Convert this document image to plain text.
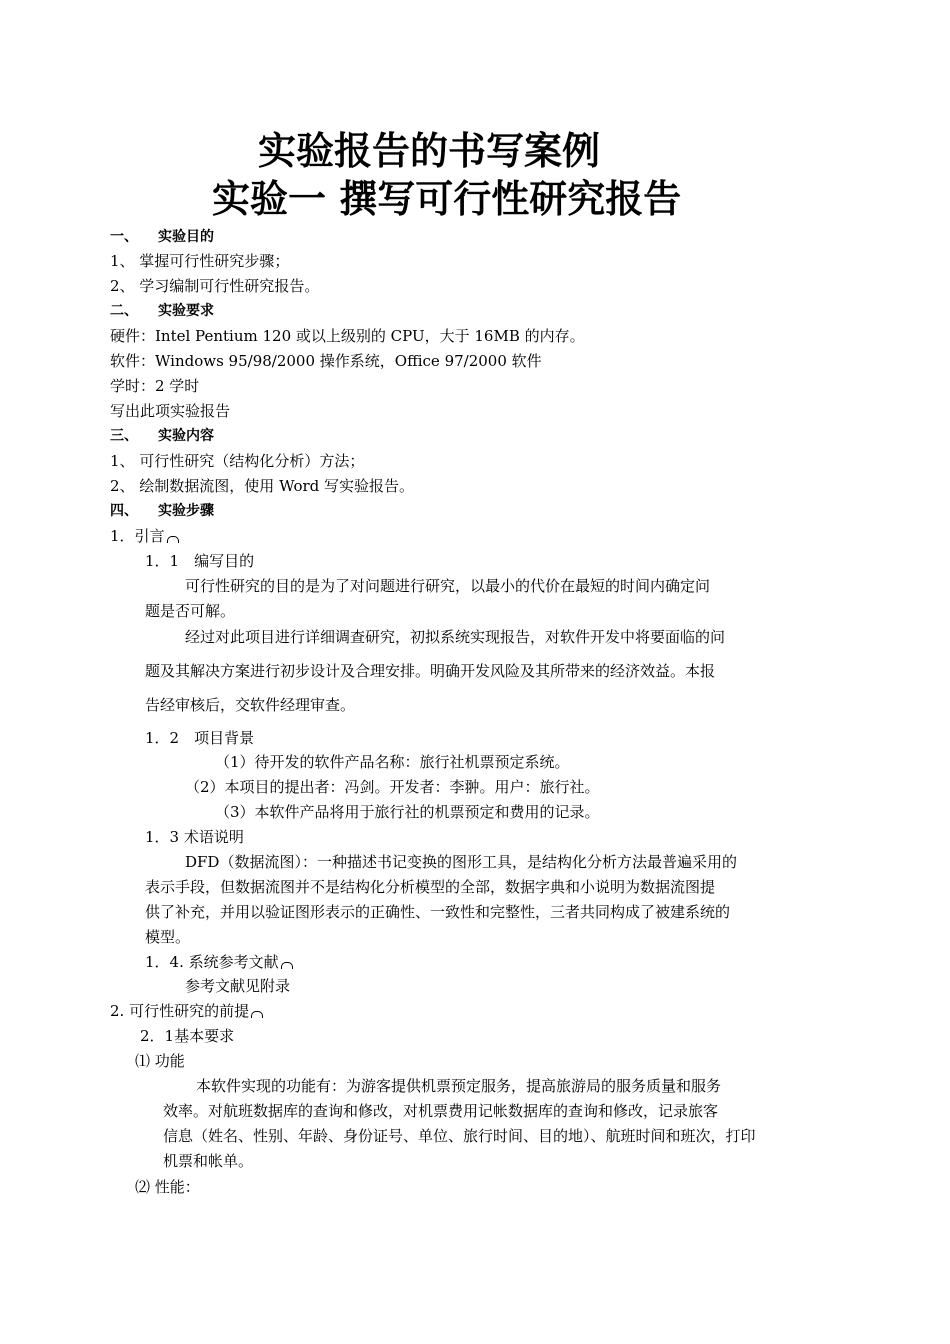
实验报告的书写案例
实验一 撰写可行性研究报告
一、 实验目的
1、 掌握可行性研究步骤；
2、 学习编制可行性研究报告。
二、 实验要求
硬件：Intel Pentium 120 或以上级别的 CPU，大于 16MB 的内存。
软件：Windows 95/98/2000 操作系统，Office 97/2000 软件
学时：2 学时
写出此项实验报告
三、 实验内容
1、 可行性研究（结构化分析）方法；
2、 绘制数据流图，使用 Word 写实验报告。
四、 实验步骤
1．引言
1．1　编写目的
可行性研究的目的是为了对问题进行研究，以最小的代价在最短的时间内确定问
题是否可解。
经过对此项目进行详细调查研究，初拟系统实现报告，对软件开发中将要面临的问
题及其解决方案进行初步设计及合理安排。明确开发风险及其所带来的经济效益。本报
告经审核后，交软件经理审查。
1．2　项目背景
（1）待开发的软件产品名称：旅行社机票预定系统。
（2）本项目的提出者：冯剑。开发者：李翀。用户：旅行社。
（3）本软件产品将用于旅行社的机票预定和费用的记录。
1．3 术语说明
DFD（数据流图）：一种描述书记变换的图形工具，是结构化分析方法最普遍采用的
表示手段，但数据流图并不是结构化分析模型的全部，数据字典和小说明为数据流图提
供了补充，并用以验证图形表示的正确性、一致性和完整性，三者共同构成了被建系统的
模型。
1．4. 系统参考文献
参考文献见附录
2. 可行性研究的前提
2．1基本要求
⑴ 功能
本软件实现的功能有：为游客提供机票预定服务，提高旅游局的服务质量和服务
效率。对航班数据库的查询和修改，对机票费用记帐数据库的查询和修改，记录旅客
信息（姓名、性别、年龄、身份证号、单位、旅行时间、目的地）、航班时间和班次，打印
机票和帐单。
⑵ 性能：
